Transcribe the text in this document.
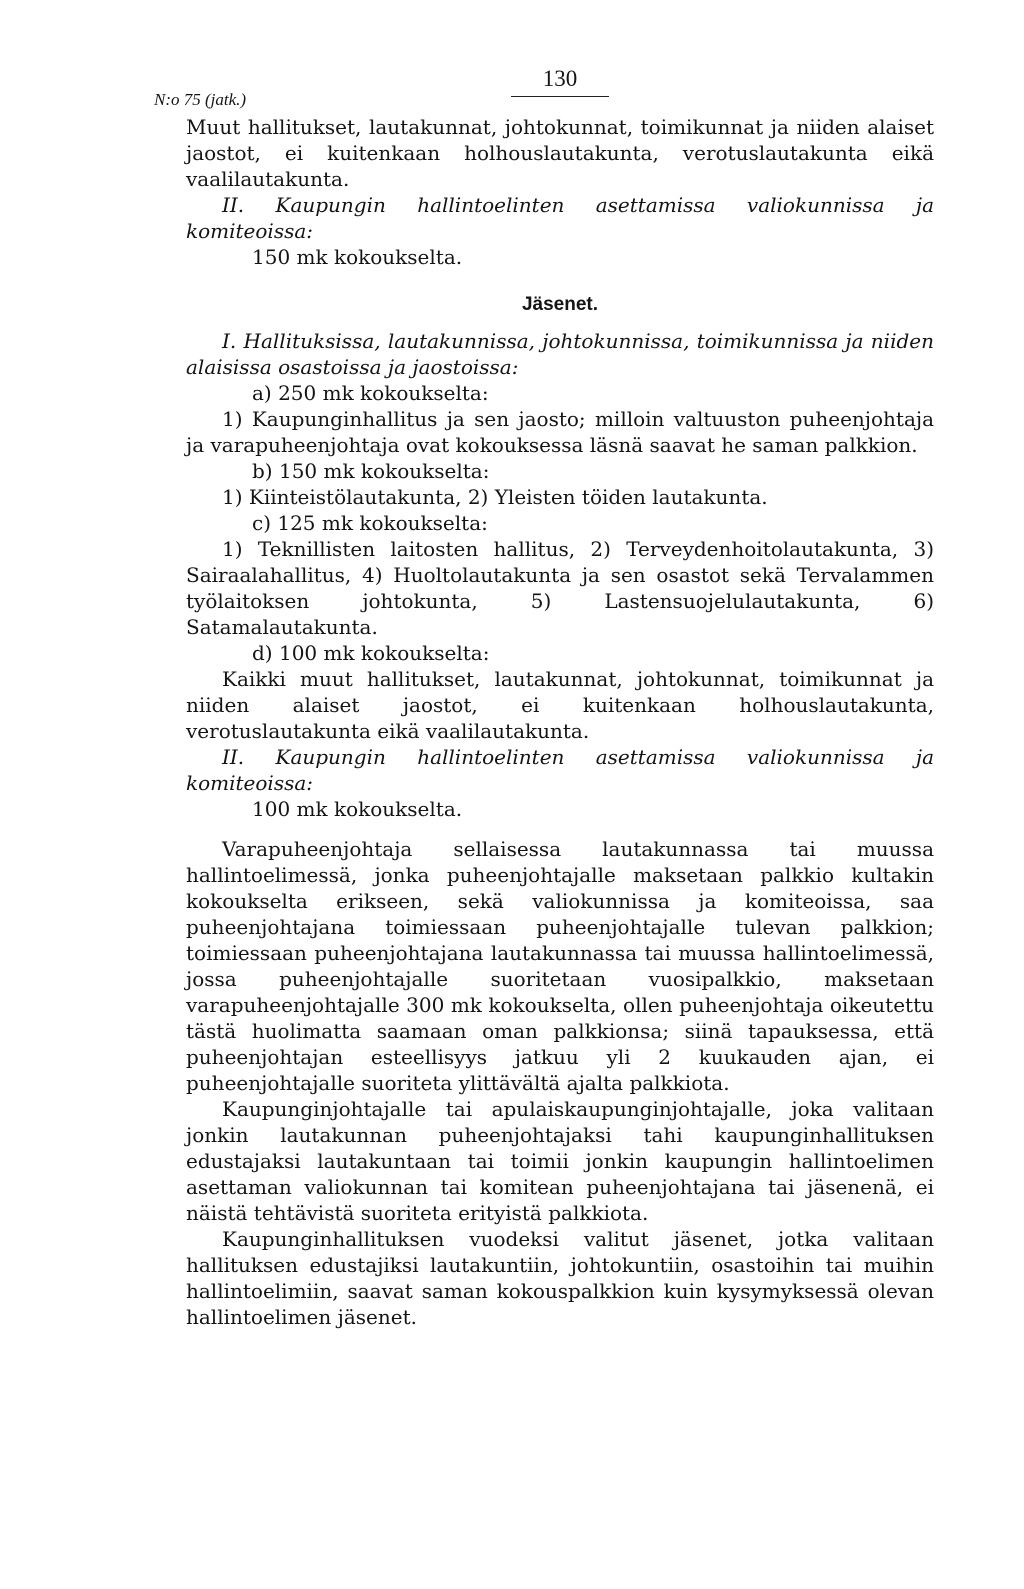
N:o 75 (jatk.)
130

Muut hallitukset, lautakunnat, johtokunnat, toimikunnat ja niiden alaiset jaostot, ei kuitenkaan holhouslautakunta, verotuslautakunta eikä vaalilautakunta.

II. Kaupungin hallintoelinten asettamissa valiokunnissa ja komiteoissa:

150 mk kokoukselta.

Jäsenet.

I. Hallituksissa, lautakunnissa, johtokunnissa, toimikunnissa ja niiden alaisissa osastoissa ja jaostoissa:

a) 250 mk kokoukselta:

1) Kaupunginhallitus ja sen jaosto; milloin valtuuston puheenjohtaja ja varapuheenjohtaja ovat kokouksessa läsnä saavat he saman palkkion.

b) 150 mk kokoukselta:

1) Kiinteistölautakunta, 2) Yleisten töiden lautakunta.

c) 125 mk kokoukselta:

1) Teknillisten laitosten hallitus, 2) Terveydenhoitolautakunta, 3) Sairaalahallitus, 4) Huoltolautakunta ja sen osastot sekä Tervalammen työlaitoksen johtokunta, 5) Lastensuojelulautakunta, 6) Satamalautakunta.

d) 100 mk kokoukselta:

Kaikki muut hallitukset, lautakunnat, johtokunnat, toimikunnat ja niiden alaiset jaostot, ei kuitenkaan holhouslautakunta, verotuslautakunta eikä vaalilautakunta.

II. Kaupungin hallintoelinten asettamissa valiokunnissa ja komiteoissa:

100 mk kokoukselta.

Varapuheenjohtaja sellaisessa lautakunnassa tai muussa hallintoelimessä, jonka puheenjohtajalle maksetaan palkkio kultakin kokoukselta erikseen, sekä valiokunnissa ja komiteoissa, saa puheenjohtajana toimiessaan puheenjohtajalle tulevan palkkion; toimiessaan puheenjohtajana lautakunnassa tai muussa hallintoelimessä, jossa puheenjohtajalle suoritetaan vuosipalkkio, maksetaan varapuheenjohtajalle 300 mk kokoukselta, ollen puheenjohtaja oikeutettu tästä huolimatta saamaan oman palkkionsa; siinä tapauksessa, että puheenjohtajan esteellisyys jatkuu yli 2 kuukauden ajan, ei puheenjohtajalle suoriteta ylittävältä ajalta palkkiota.

Kaupunginjohtajalle tai apulaiskaupunginjohtajalle, joka valitaan jonkin lautakunnan puheenjohtajaksi tahi kaupunginhallituksen edustajaksi lautakuntaan tai toimii jonkin kaupungin hallintoelimen asettaman valiokunnan tai komitean puheenjohtajana tai jäsenenä, ei näistä tehtävistä suoriteta erityistä palkkiota.

Kaupunginhallituksen vuodeksi valitut jäsenet, jotka valitaan hallituksen edustajiksi lautakuntiin, johtokuntiin, osastoihin tai muihin hallintoelimiin, saavat saman kokouspalkkion kuin kysymyksessä olevan hallintoelimen jäsenet.
